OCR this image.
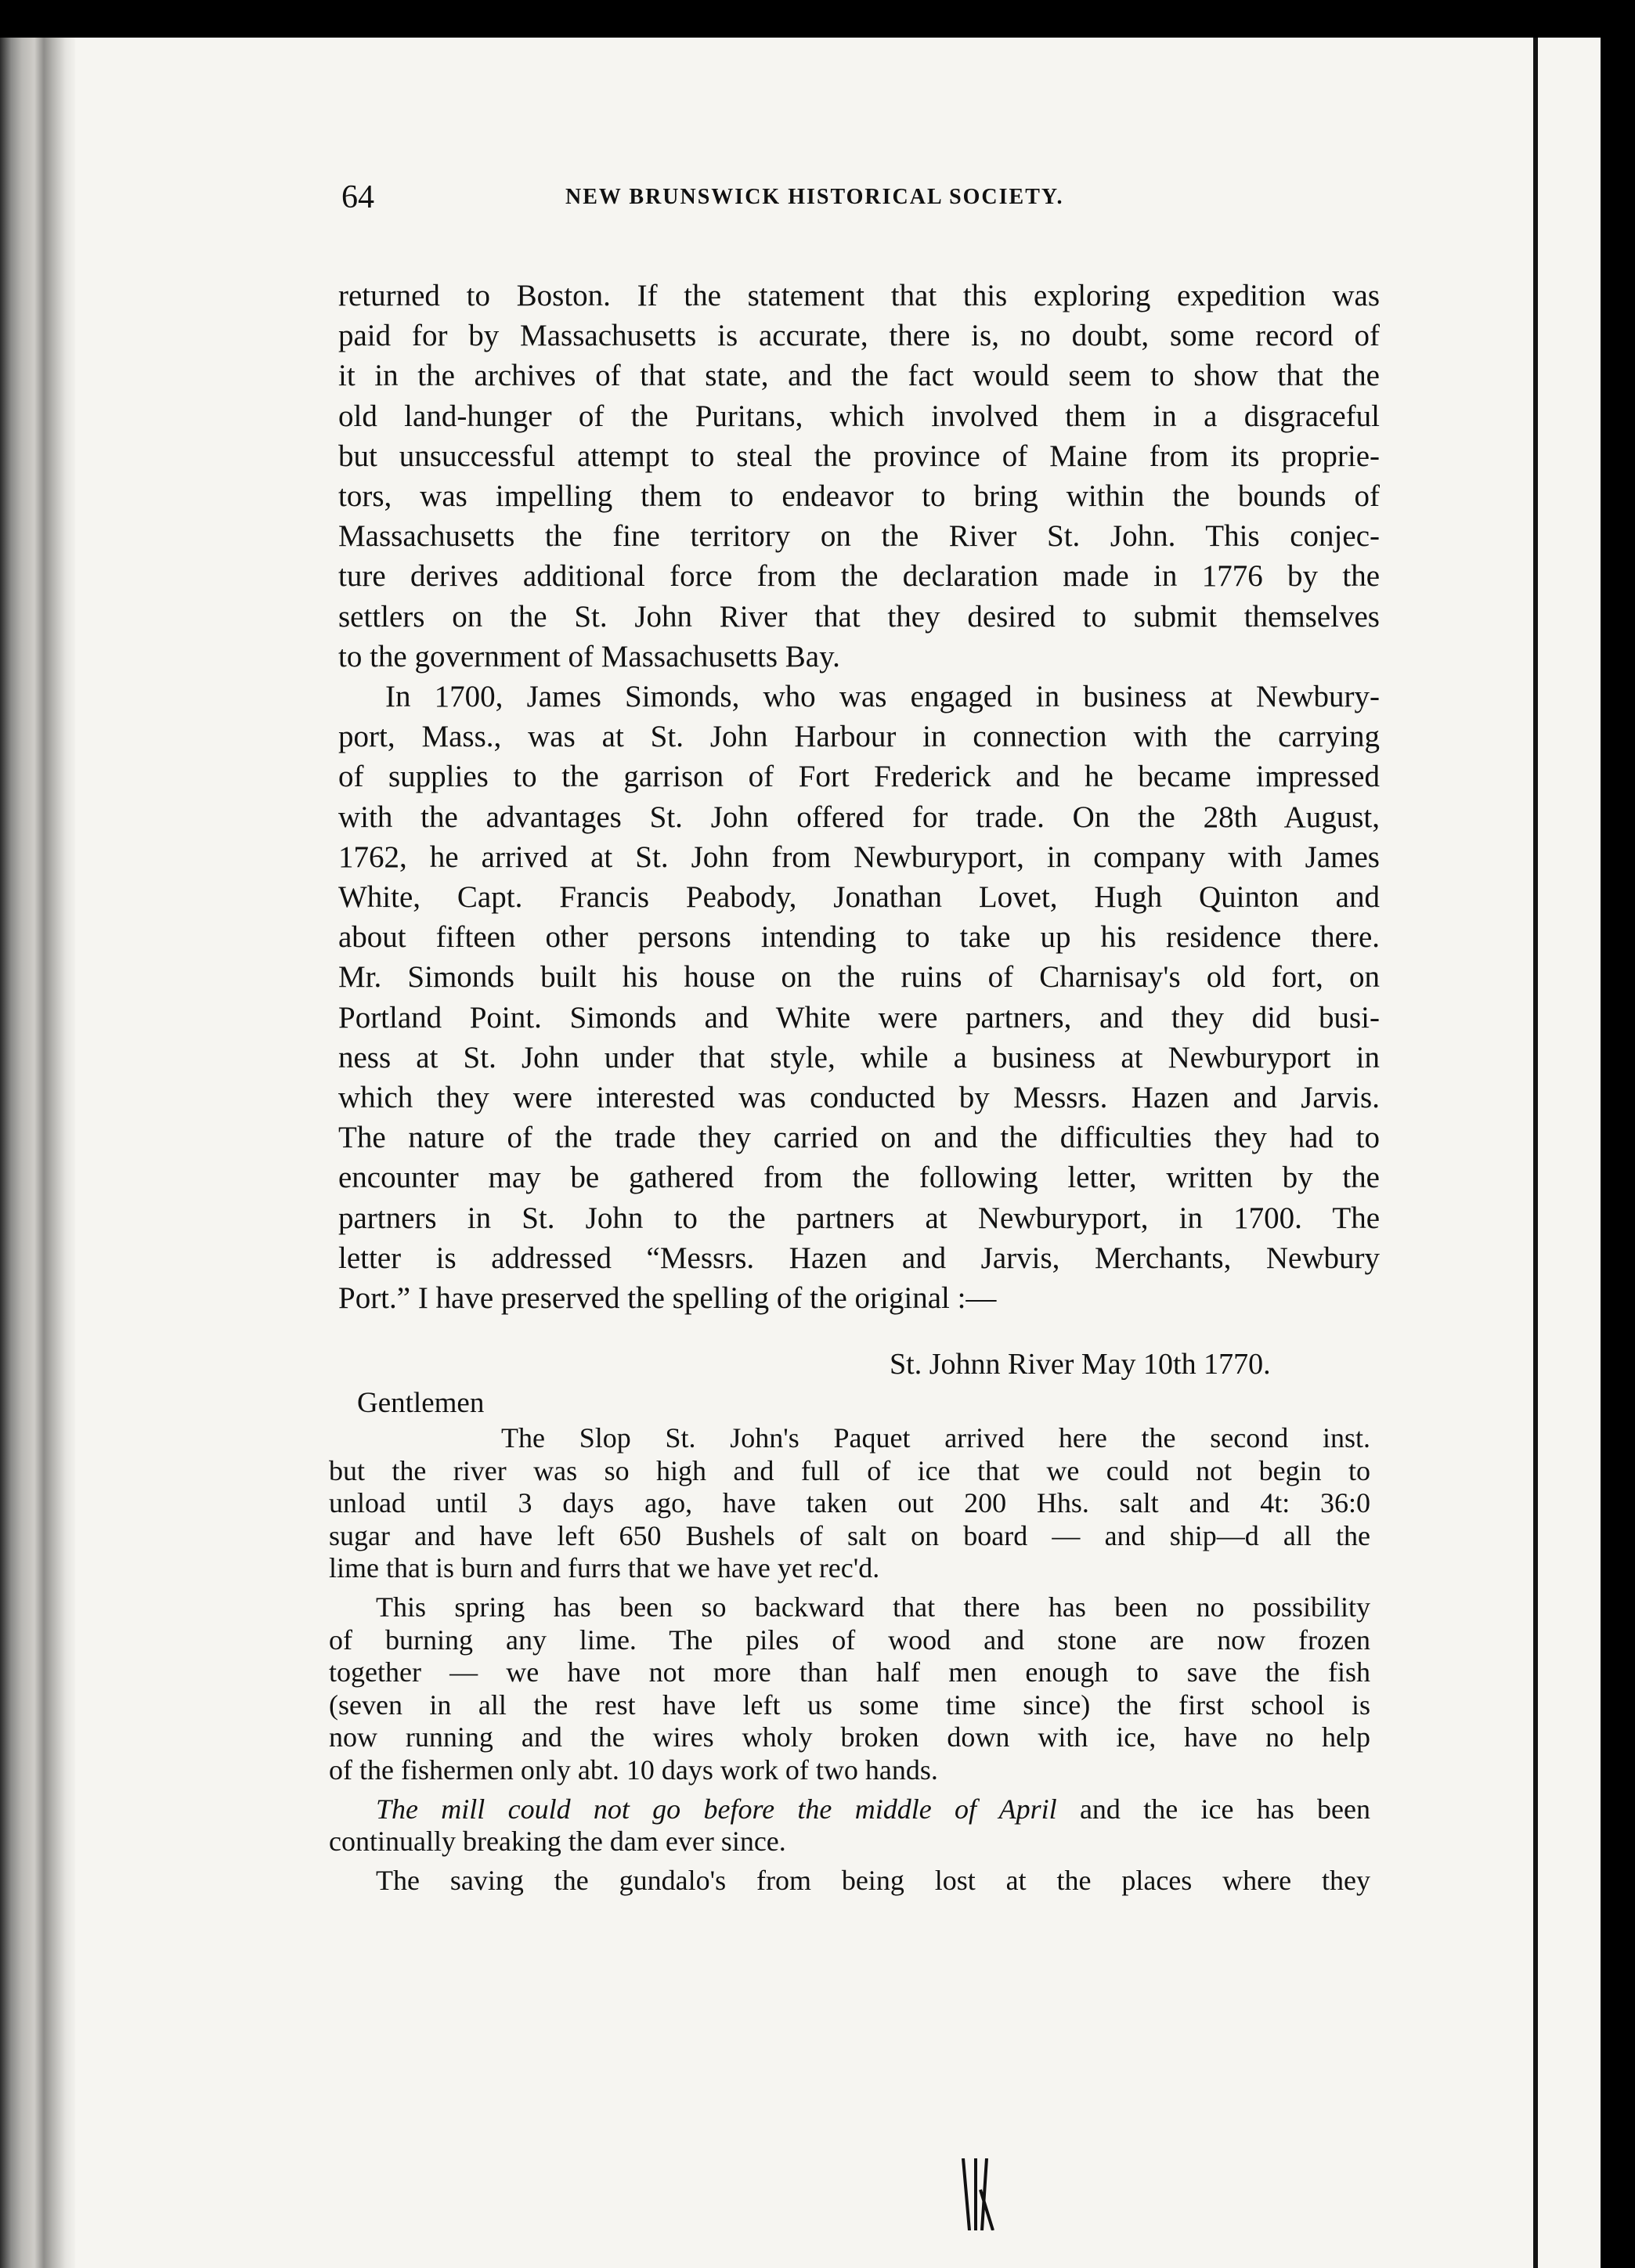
64	NEW BRUNSWICK HISTORICAL SOCIETY.
returned to Boston. If the statement that this exploring expedition was
paid for by Massachusetts is accurate, there is, no doubt, some record of
it in the archives of that state, and the fact would seem to show that the
old land-hunger of the Puritans, which involved them in a disgraceful
but unsuccessful attempt to steal the province of Maine from its proprie-
tors, was impelling them to endeavor to bring within the bounds of
Massachusetts the fine territory on the River St. John. This conjec-
ture derives additional force from the declaration made in 1776 by the
settlers on the St. John River that they desired to submit themselves
to the government of Massachusetts Bay.
In 1700, James Simonds, who was engaged in business at Newbury-
port, Mass., was at St. John Harbour in connection with the carrying
of supplies to the garrison of Fort Frederick and he became impressed
with the advantages St. John offered for trade. On the 28th August,
1762, he arrived at St. John from Newburyport, in company with James
White, Capt. Francis Peabody, Jonathan Lovet, Hugh Quinton and
about fifteen other persons intending to take up his residence there.
Mr. Simonds built his house on the ruins of Charnisay's old fort, on
Portland Point. Simonds and White were partners, and they did busi-
ness at St. John under that style, while a business at Newburyport in
which they were interested was conducted by Messrs. Hazen and Jarvis.
The nature of the trade they carried on and the difficulties they had to
encounter may be gathered from the following letter, written by the
partners in St. John to the partners at Newburyport, in 1700. The
letter is addressed “Messrs. Hazen and Jarvis, Merchants, Newbury
Port.” I have preserved the spelling of the original :—
St. Johnn River May 10th 1770.
Gentlemen
The Slop St. John's Paquet arrived here the second inst.
but the river was so high and full of ice that we could not begin to
unload until 3 days ago, have taken out 200 Hhs. salt and 4t: 36:0
sugar and have left 650 Bushels of salt on board — and ship—d all the
lime that is burn and furrs that we have yet rec'd.
This spring has been so backward that there has been no possibility
of burning any lime. The piles of wood and stone are now frozen
together — we have not more than half men enough to save the fish
(seven in all the rest have left us some time since) the first school is
now running and the wires wholy broken down with ice, have no help
of the fishermen only abt. 10 days work of two hands.
The mill could not go before the middle of April and the ice has been
continually breaking the dam ever since.
The saving the gundalo's from being lost at the places where they
